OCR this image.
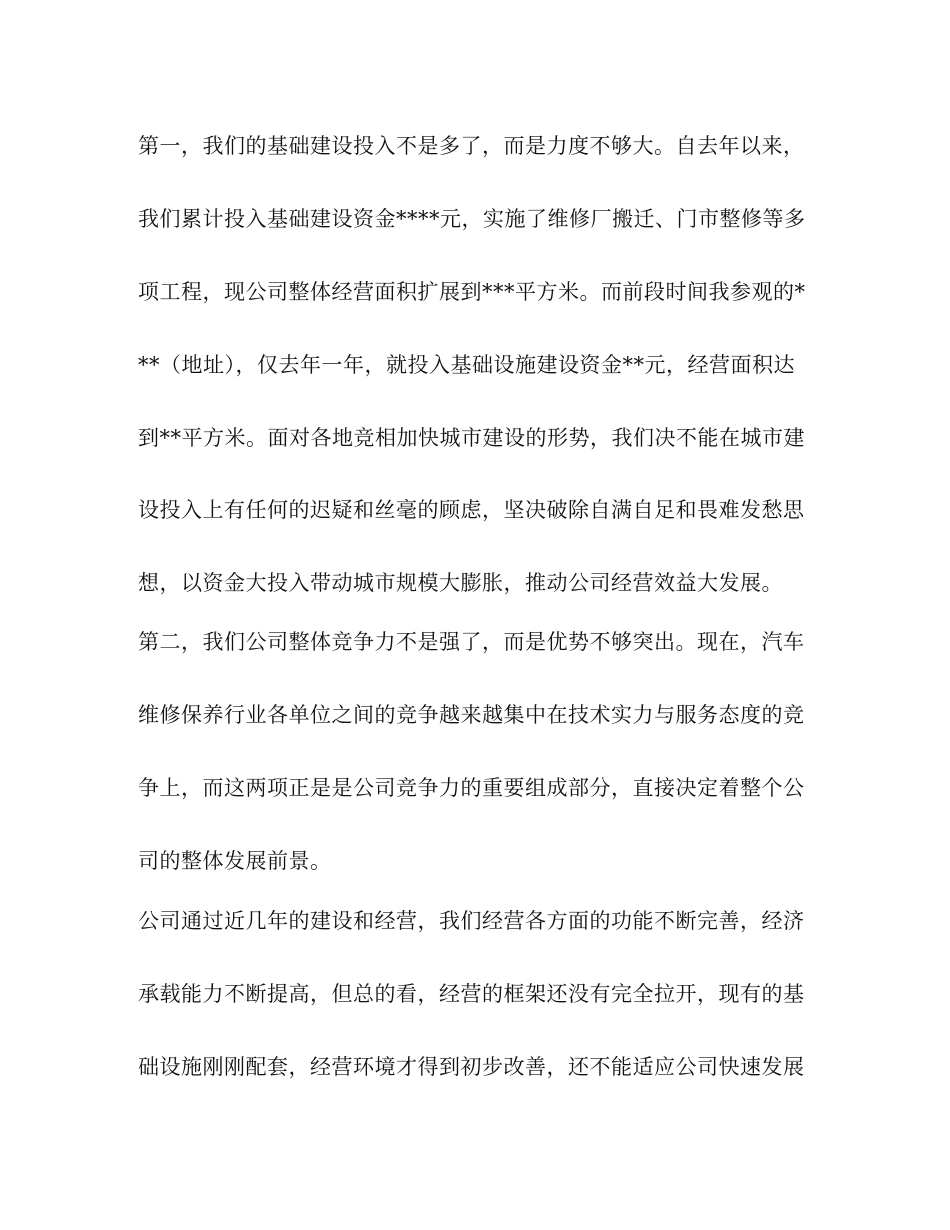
第一，我们的基础建设投入不是多了，而是力度不够大。自去年以来，
我们累计投入基础建设资金****元，实施了维修厂搬迁、门市整修等多
项工程，现公司整体经营面积扩展到***平方米。而前段时间我参观的*
**（地址），仅去年一年，就投入基础设施建设资金**元，经营面积达
到**平方米。面对各地竞相加快城市建设的形势，我们决不能在城市建
设投入上有任何的迟疑和丝毫的顾虑，坚决破除自满自足和畏难发愁思
想，以资金大投入带动城市规模大膨胀，推动公司经营效益大发展。
第二，我们公司整体竞争力不是强了，而是优势不够突出。现在，汽车
维修保养行业各单位之间的竞争越来越集中在技术实力与服务态度的竞
争上，而这两项正是是公司竞争力的重要组成部分，直接决定着整个公
司的整体发展前景。
公司通过近几年的建设和经营，我们经营各方面的功能不断完善，经济
承载能力不断提高，但总的看，经营的框架还没有完全拉开，现有的基
础设施刚刚配套，经营环境才得到初步改善，还不能适应公司快速发展
